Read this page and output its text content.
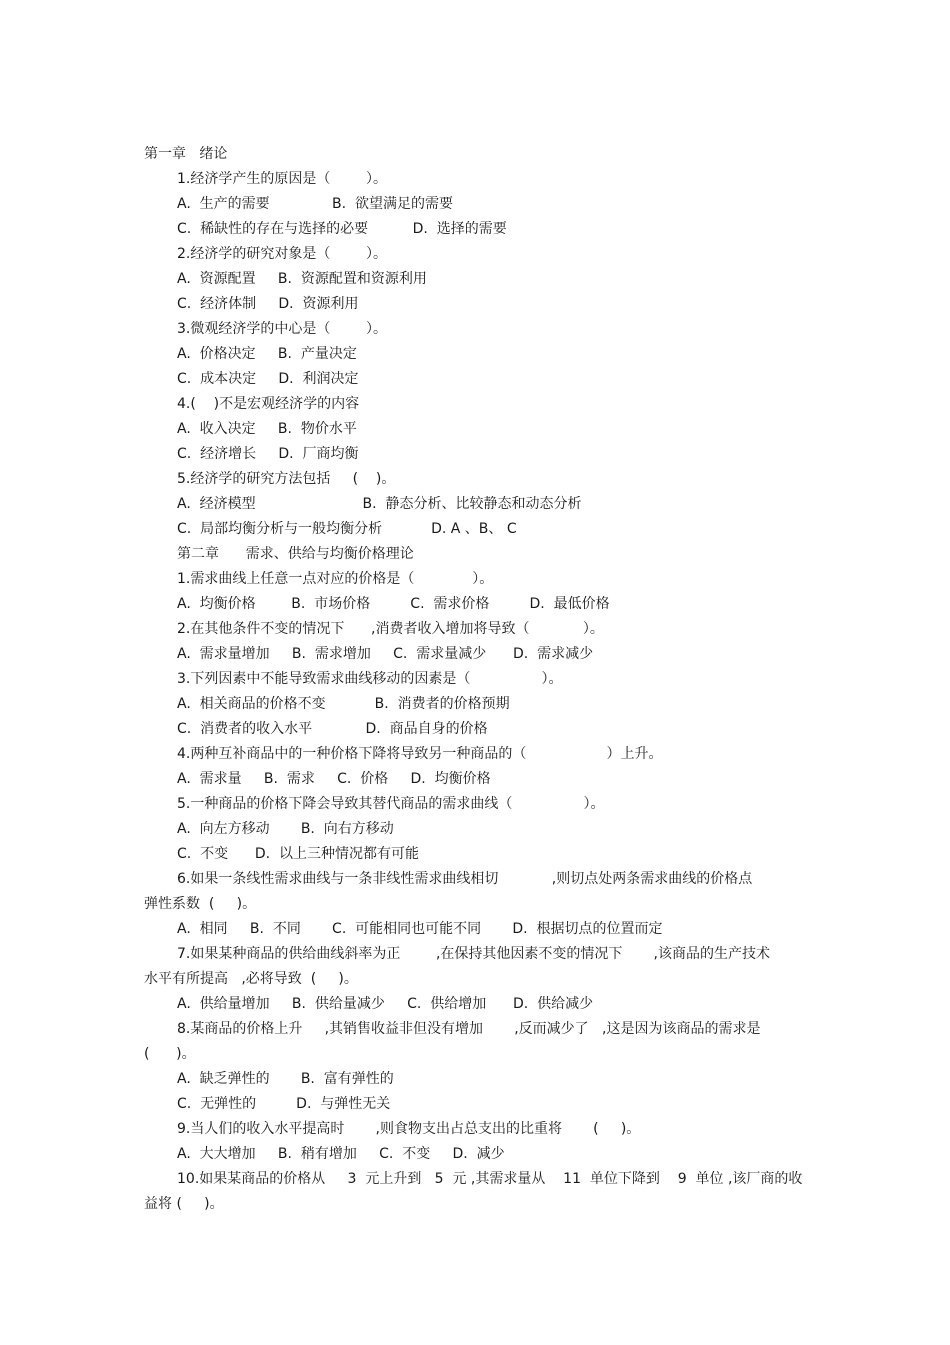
第一章   绪论
1.经济学产生的原因是（        ）。
A.  生产的需要              B.  欲望满足的需要
C.  稀缺性的存在与选择的必要          D.  选择的需要
2.经济学的研究对象是（        ）。
A.  资源配置     B.  资源配置和资源利用
C.  经济体制     D.  资源利用
3.微观经济学的中心是（        ）。
A.  价格决定     B.  产量决定
C.  成本决定     D.  利润决定
4.(    )不是宏观经济学的内容
A.  收入决定     B.  物价水平
C.  经济增长     D.  厂商均衡
5.经济学的研究方法包括     (    )。
A.  经济模型                        B.  静态分析、比较静态和动态分析
C.  局部均衡分析与一般均衡分析           D. A 、B、 C
第二章      需求、供给与均衡价格理论
1.需求曲线上任意一点对应的价格是（             ）。
A.  均衡价格        B.  市场价格         C.  需求价格         D.  最低价格
2.在其他条件不变的情况下      ,消费者收入增加将导致（            ）。
A.  需求量增加     B.  需求增加     C.  需求量减少      D.  需求减少
3.下列因素中不能导致需求曲线移动的因素是（                ）。
A.  相关商品的价格不变           B.  消费者的价格预期
C.  消费者的收入水平            D.  商品自身的价格
4.两种互补商品中的一种价格下降将导致另一种商品的（                  ）上升。
A.  需求量     B.  需求     C.  价格     D.  均衡价格
5.一种商品的价格下降会导致其替代商品的需求曲线（                ）。
A.  向左方移动       B.  向右方移动
C.  不变      D.  以上三种情况都有可能
6.如果一条线性需求曲线与一条非线性需求曲线相切            ,则切点处两条需求曲线的价格点
弹性系数  (     )。
A.  相同     B.  不同       C.  可能相同也可能不同       D.  根据切点的位置而定
7.如果某种商品的供给曲线斜率为正        ,在保持其他因素不变的情况下       ,该商品的生产技术
水平有所提高   ,必将导致  (     )。
A.  供给量增加     B.  供给量减少     C.  供给增加      D.  供给减少
8.某商品的价格上升     ,其销售收益非但没有增加       ,反而减少了   ,这是因为该商品的需求是
(      )。
A.  缺乏弹性的       B.  富有弹性的
C.  无弹性的         D.  与弹性无关
9.当人们的收入水平提高时       ,则食物支出占总支出的比重将       (     )。
A.  大大增加     B.  稍有增加     C.  不变     D.  减少
10.如果某商品的价格从     3  元上升到   5  元 ,其需求量从    11  单位下降到    9  单位 ,该厂商的收
益将 (     )。
